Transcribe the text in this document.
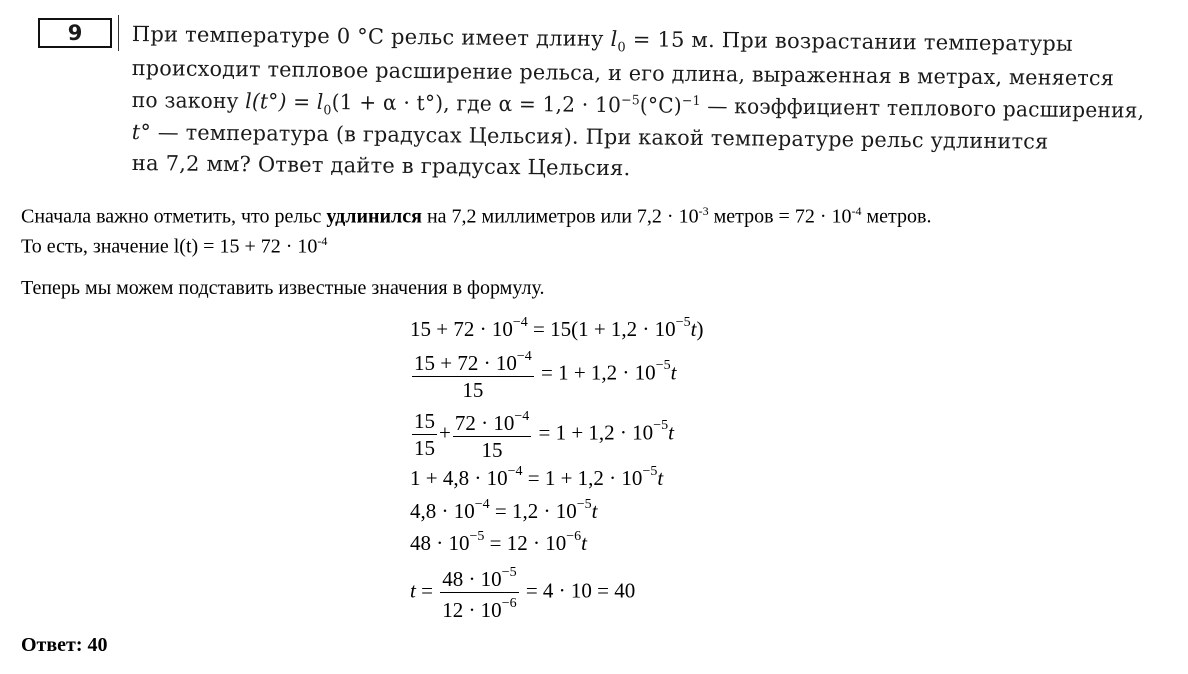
9	При температуре 0 °С рельс имеет длину $l_0 = 15$ м. При возрастании температуры
происходит тепловое расширение рельса, и его длина, выраженная в метрах, меняется
по закону $l(t^\circ) = l_0(1 + \alpha \cdot t^\circ)$, где $\alpha = 1,2 \cdot 10^{-5}(^\circ С)^{-1}$ — коэффициент теплового расширения,
t° — температура (в градусах Цельсия). При какой температуре рельс удлинится
на 7,2 мм? Ответ дайте в градусах Цельсия.
Сначала важно отметить, что рельс удлинился на 7,2 миллиметров или $7,2 \cdot 10^{-3}$ метров = $72 \cdot 10^{-4}$ метров.
То есть, значение $l(t) = 15 + 72 \cdot 10^{-4}$
Теперь мы можем подставить известные значения в формулу.
$15 + 72 \cdot 10^{-4} = 15(1 + 1,2 \cdot 10^{-5}t)$
$\frac{15 + 72 \cdot 10^{-4}}{15} = 1 + 1,2 \cdot 10^{-5}t$
$\frac{15}{15} + \frac{72 \cdot 10^{-4}}{15} = 1 + 1,2 \cdot 10^{-5}t$
$1 + 4,8 \cdot 10^{-4} = 1 + 1,2 \cdot 10^{-5}t$
$4,8 \cdot 10^{-4} = 1,2 \cdot 10^{-5}t$
$48 \cdot 10^{-5} = 12 \cdot 10^{-6}t$
$t = \frac{48 \cdot 10^{-5}}{12 \cdot 10^{-6}} = 4 \cdot 10 = 40$
Ответ: 40
